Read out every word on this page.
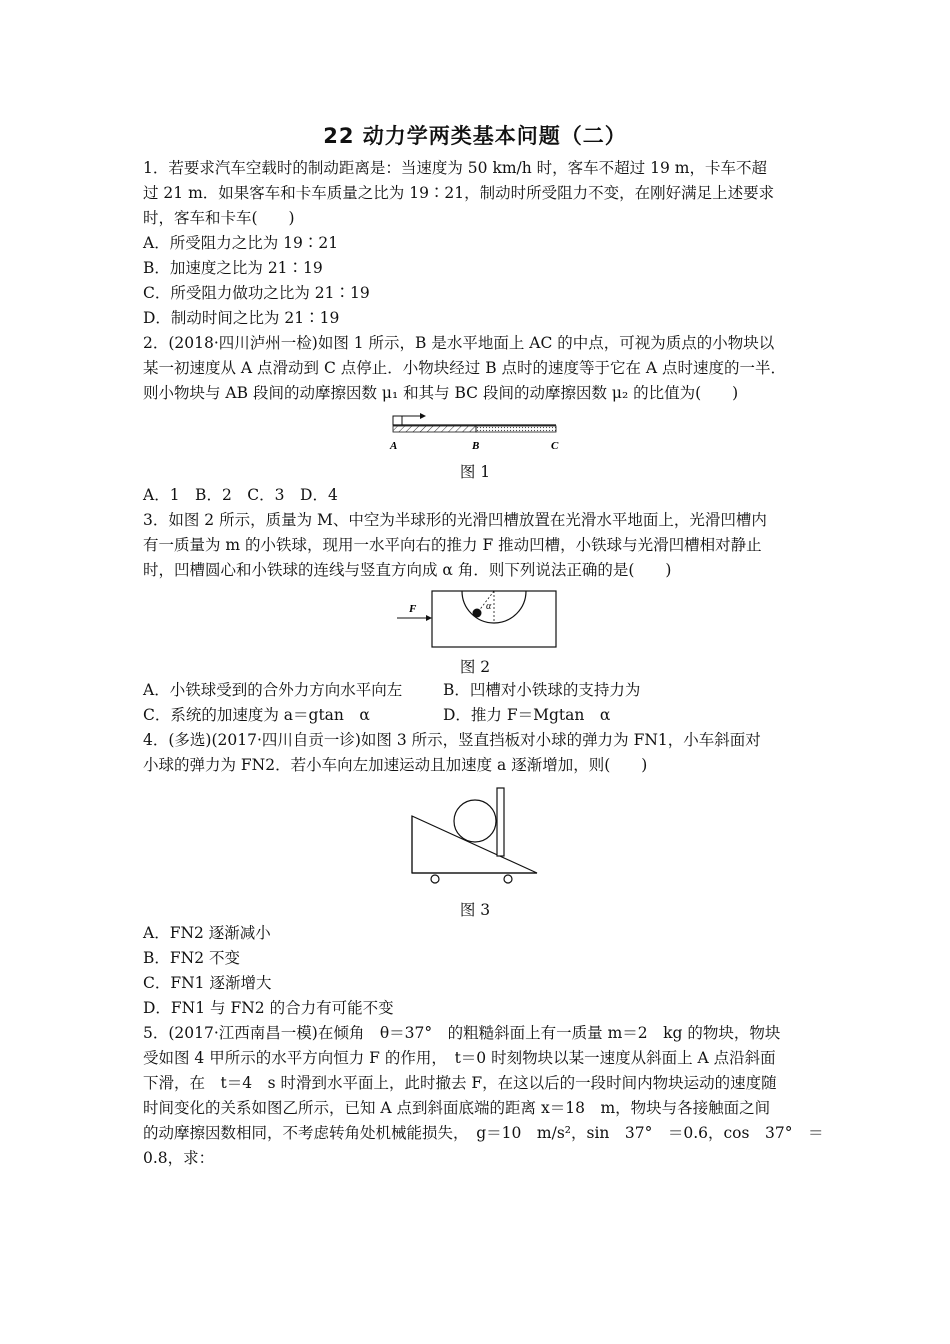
22 动力学两类基本问题（二）
1．若要求汽车空载时的制动距离是：当速度为 50 km/h 时，客车不超过 19 m，卡车不超
过 21 m．如果客车和卡车质量之比为 19∶21，制动时所受阻力不变，在刚好满足上述要求
时，客车和卡车(　　)
A．所受阻力之比为 19∶21
B．加速度之比为 21∶19
C．所受阻力做功之比为 21∶19
D．制动时间之比为 21∶19
2．(2018·四川泸州一检)如图 1 所示，B 是水平地面上 AC 的中点，可视为质点的小物块以
某一初速度从 A 点滑动到 C 点停止．小物块经过 B 点时的速度等于它在 A 点时速度的一半．
则小物块与 AB 段间的动摩擦因数 μ₁ 和其与 BC 段间的动摩擦因数 μ₂ 的比值为(　　)
A	B	C
图 1
A．1　B．2　C．3　D．4
3．如图 2 所示，质量为 M、中空为半球形的光滑凹槽放置在光滑水平地面上，光滑凹槽内
有一质量为 m 的小铁球，现用一水平向右的推力 F 推动凹槽，小铁球与光滑凹槽相对静止
时，凹槽圆心和小铁球的连线与竖直方向成 α 角．则下列说法正确的是(　　)
α
F
图 2
A．小铁球受到的合外力方向水平向左	B．凹槽对小铁球的支持力为
C．系统的加速度为 a＝gtan　α	D．推力 F＝Mgtan　α
4．(多选)(2017·四川自贡一诊)如图 3 所示，竖直挡板对小球的弹力为 FN1，小车斜面对
小球的弹力为 FN2．若小车向左加速运动且加速度 a 逐渐增加，则(　　)
图 3
A．FN2 逐渐减小
B．FN2 不变
C．FN1 逐渐增大
D．FN1 与 FN2 的合力有可能不变
5．(2017·江西南昌一模)在倾角　θ＝37°　的粗糙斜面上有一质量 m＝2　kg 的物块，物块
受如图 4 甲所示的水平方向恒力 F 的作用，　t＝0 时刻物块以某一速度从斜面上 A 点沿斜面
下滑，在　t＝4　s 时滑到水平面上，此时撤去 F，在这以后的一段时间内物块运动的速度随
时间变化的关系如图乙所示，已知 A 点到斜面底端的距离 x＝18　m，物块与各接触面之间
的动摩擦因数相同，不考虑转角处机械能损失，　g＝10　m/s²，sin　37°　＝0.6，cos　37°　＝
0.8，求：
